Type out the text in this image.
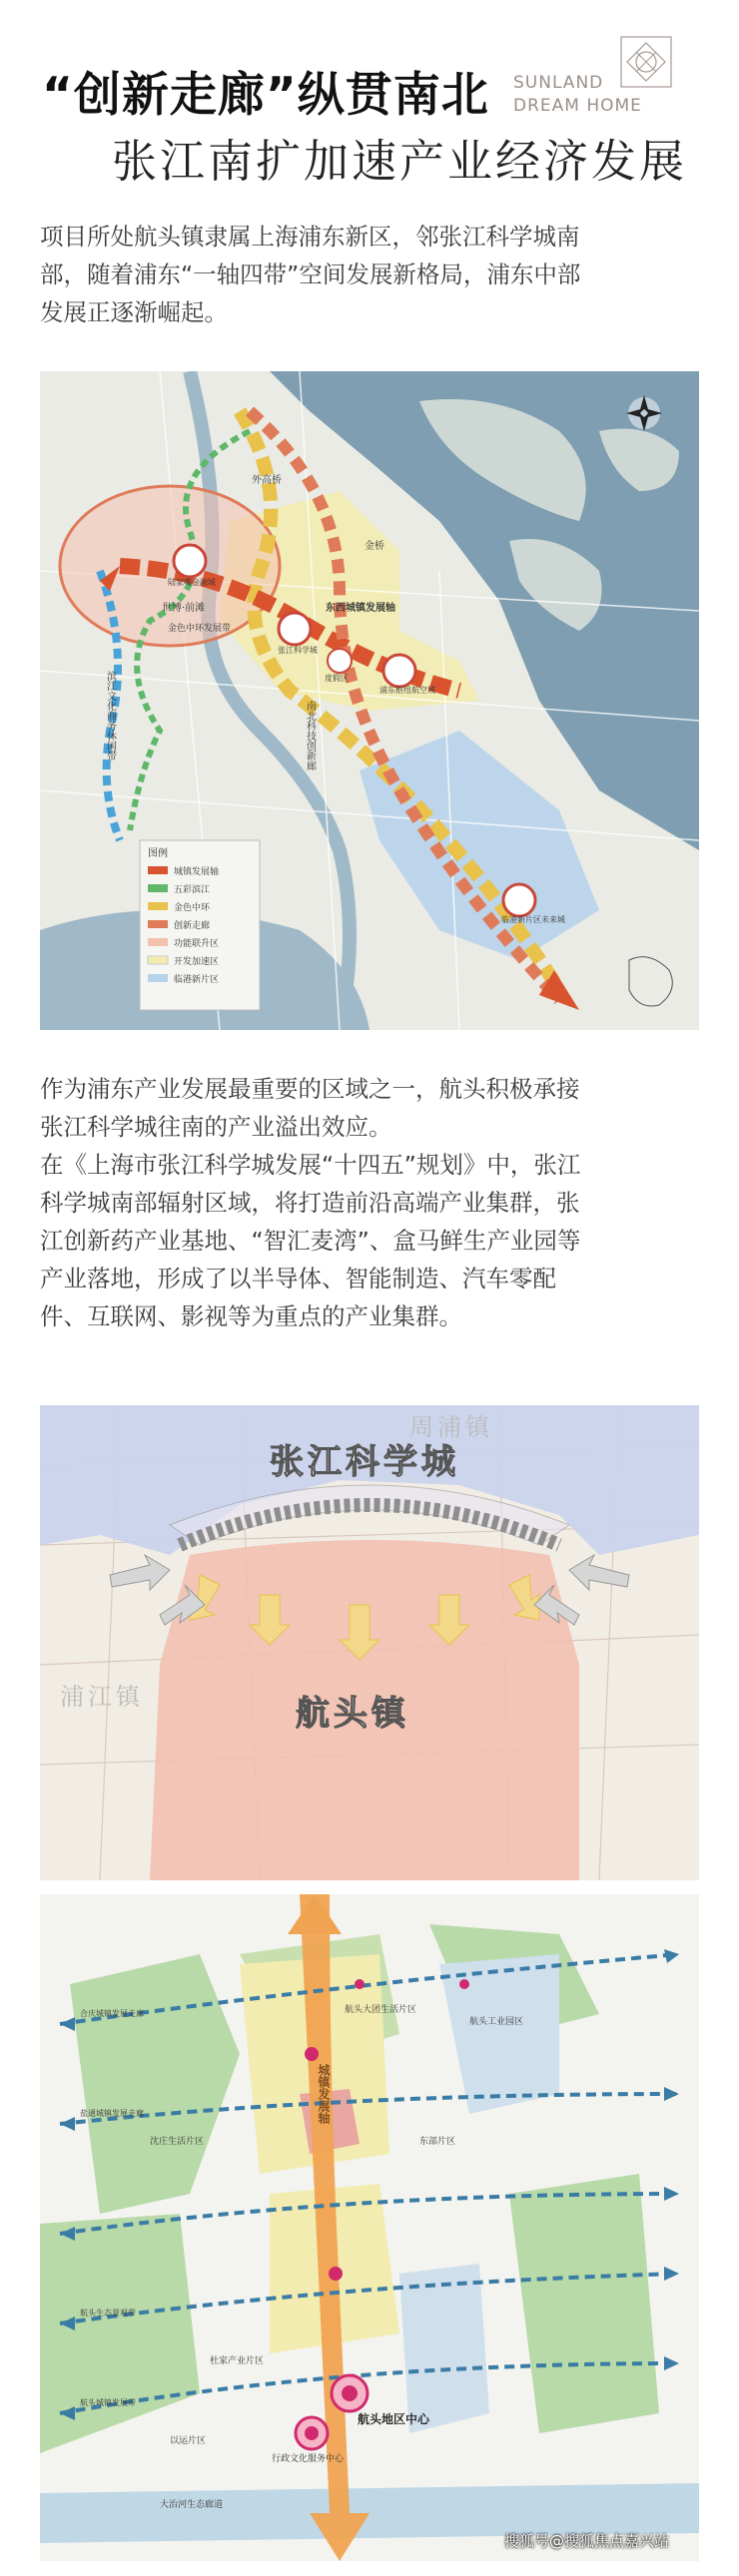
“创新走廊”纵贯南北
张江南扩加速产业经济发展
SUNLAND
DREAM HOME
项目所处航头镇隶属上海浦东新区，邻张江科学城南
部，随着浦东“一轴四带”空间发展新格局，浦东中部
发展正逐渐崛起。
外高桥
金桥
陆家嘴金融城
世博·前滩
金色中环发展带
张江科学城
东西城镇发展轴
度假区
浦东枢纽航空城
临港新片区未来城
滨江文化商务休闲带	南北科技创新廊
图例
城镇发展轴
五彩滨江
金色中环
创新走廊
功能联升区
开发加速区
临港新片区
作为浦东产业发展最重要的区域之一，航头积极承接
张江科学城往南的产业溢出效应。
在《上海市张江科学城发展“十四五”规划》中，张江
科学城南部辐射区域，将打造前沿高端产业集群，张
江创新药产业基地、“智汇麦湾”、盒马鲜生产业园等
产业落地，形成了以半导体、智能制造、汽车零配
件、互联网、影视等为重点的产业集群。
张江科学城
周浦镇
浦江镇	航头镇
航头大团生活片区
航头工业园区
东部片区
沈庄生活片区
杜家产业片区
以运片区
合庆城镇发展走廊
盐通城镇发展走廊
航头生态景观带
航头城镇发展带
行政文化服务中心
大治河生态廊道
城镇发展轴
航头地区中心
搜狐号@搜狐焦点嘉兴站
